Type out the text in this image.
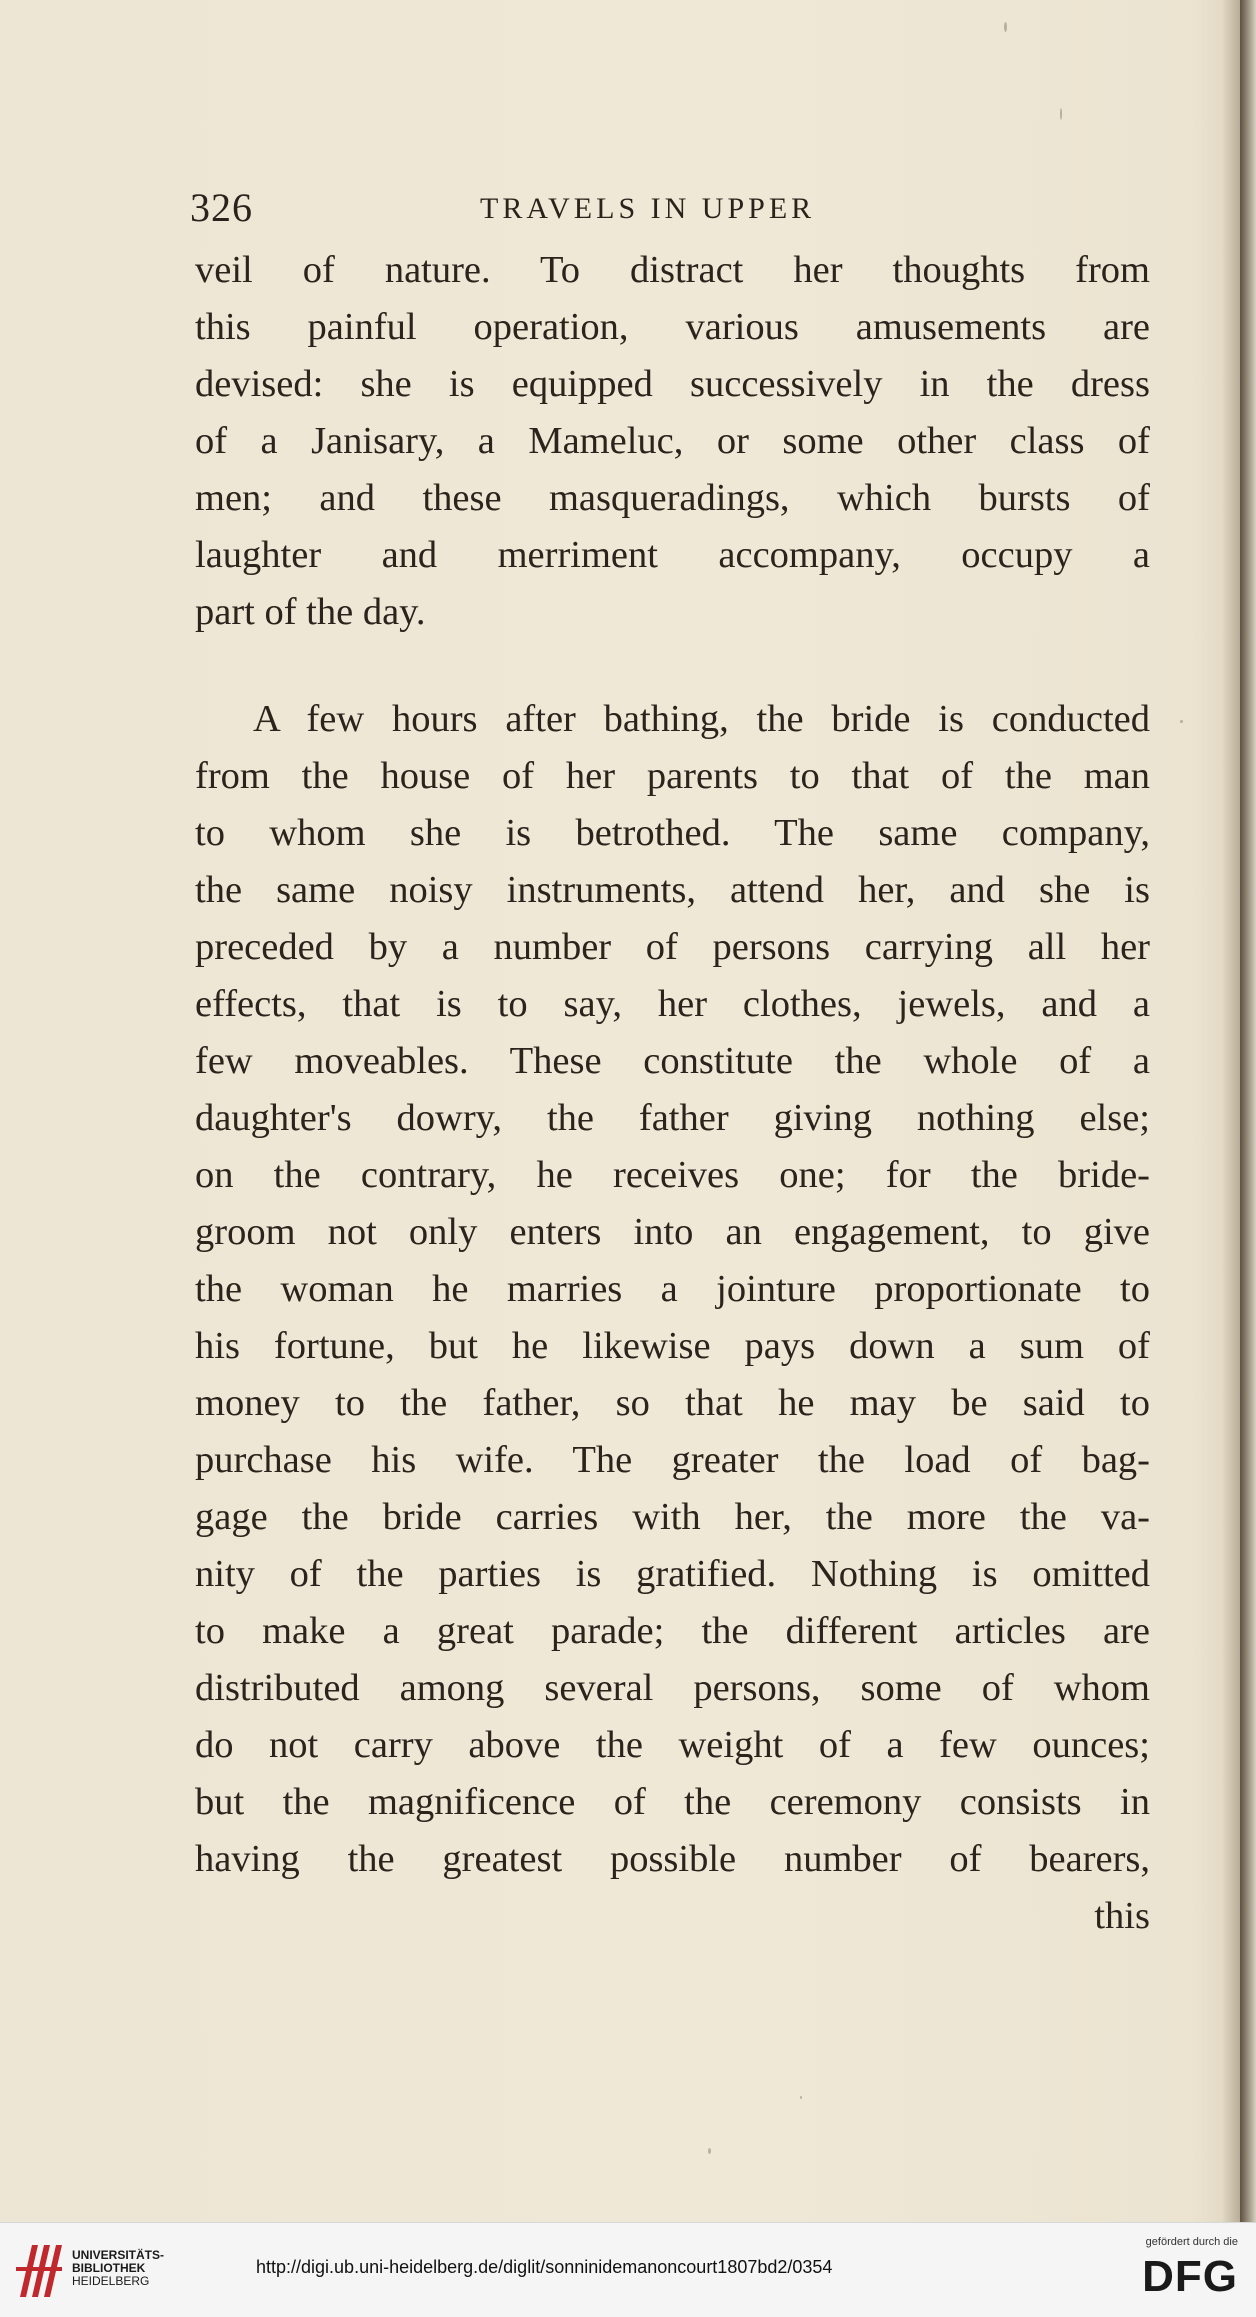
326	TRAVELS IN UPPER
veil of nature. To distract her thoughts from
this painful operation, various amusements are
devised: she is equipped successively in the dress
of a Janisary, a Mameluc, or some other class of
men; and these masqueradings, which bursts of
laughter and merriment accompany, occupy a
part of the day.
A few hours after bathing, the bride is conducted
from the house of her parents to that of the man
to whom she is betrothed. The same company,
the same noisy instruments, attend her, and she is
preceded by a number of persons carrying all her
effects, that is to say, her clothes, jewels, and a
few moveables. These constitute the whole of a
daughter's dowry, the father giving nothing else;
on the contrary, he receives one; for the bride-
groom not only enters into an engagement, to give
the woman he marries a jointure proportionate to
his fortune, but he likewise pays down a sum of
money to the father, so that he may be said to
purchase his wife. The greater the load of bag-
gage the bride carries with her, the more the va-
nity of the parties is gratified. Nothing is omitted
to make a great parade; the different articles are
distributed among several persons, some of whom
do not carry above the weight of a few ounces;
but the magnificence of the ceremony consists in
having the greatest possible number of bearers,
this
UNIVERSITÄTS-
BIBLIOTHEK
HEIDELBERG
http://digi.ub.uni-heidelberg.de/diglit/sonninidemanoncourt1807bd2/0354
gefördert durch die
DFG
